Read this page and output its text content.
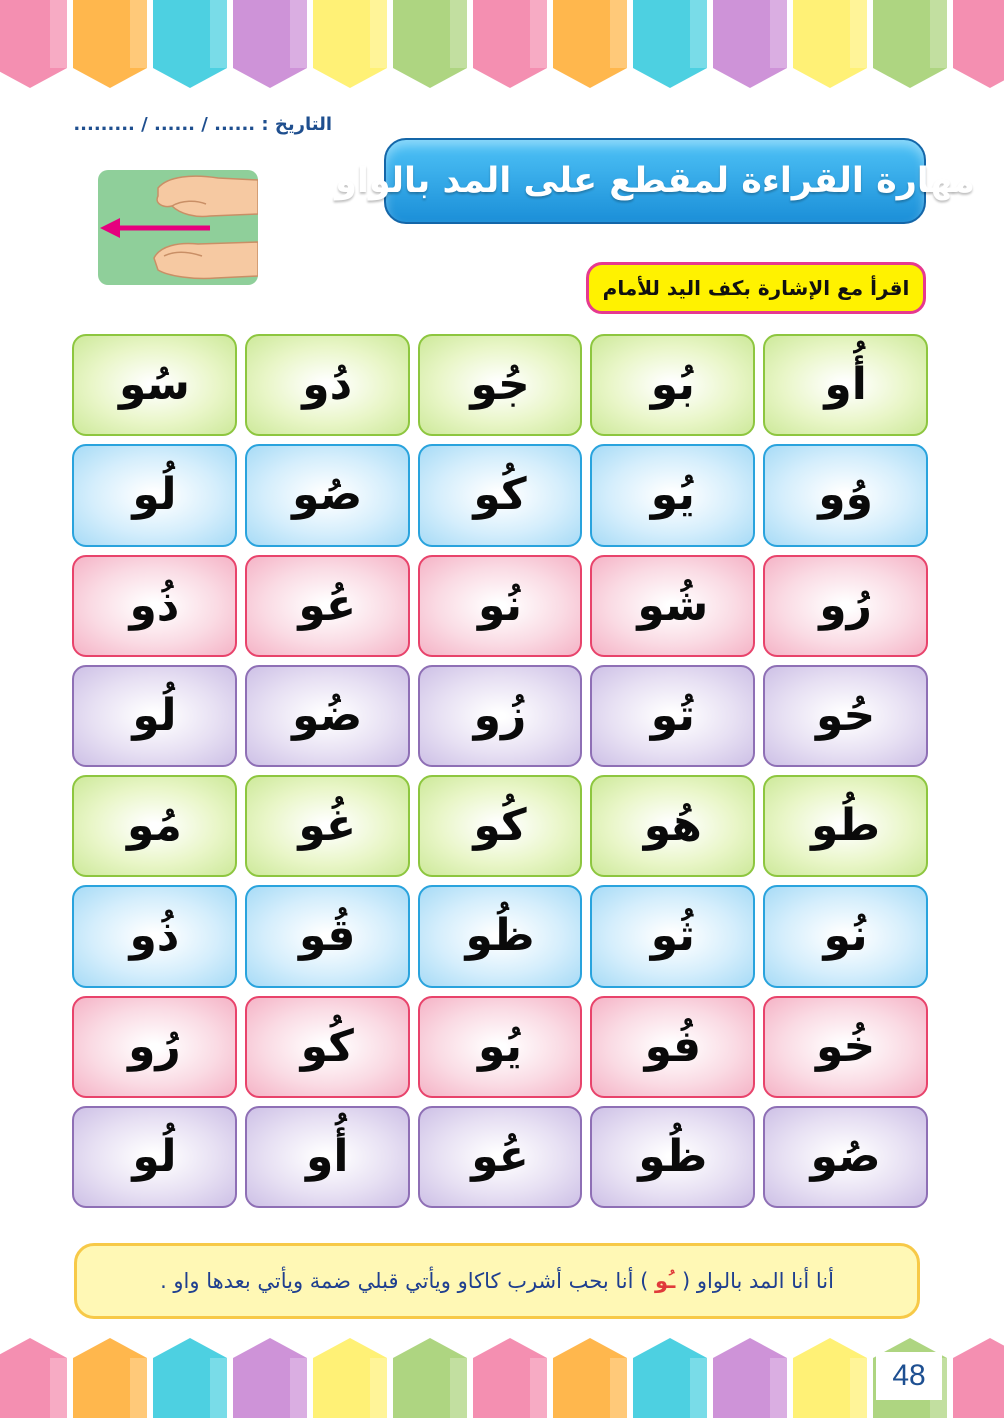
التاريخ : ...... / ...... / .........
مهارة القراءة لمقطع على المد بالواو
اقرأ مع الإشارة بكف اليد للأمام
أُو
بُو
جُو
دُو
سُو
وُو
يُو
كُو
صُو
لُو
رُو
شُو
نُو
عُو
ذُو
حُو
تُو
زُو
ضُو
لُو
طُو
هُو
كُو
غُو
مُو
نُو
ثُو
ظُو
قُو
ذُو
خُو
فُو
يُو
كُو
رُو
صُو
ظُو
عُو
أُو
لُو
أنا أنا المد بالواو ( ـُو ) أنا بحب أشرب كاكاو ويأتي قبلي ضمة ويأتي بعدها واو .
48
